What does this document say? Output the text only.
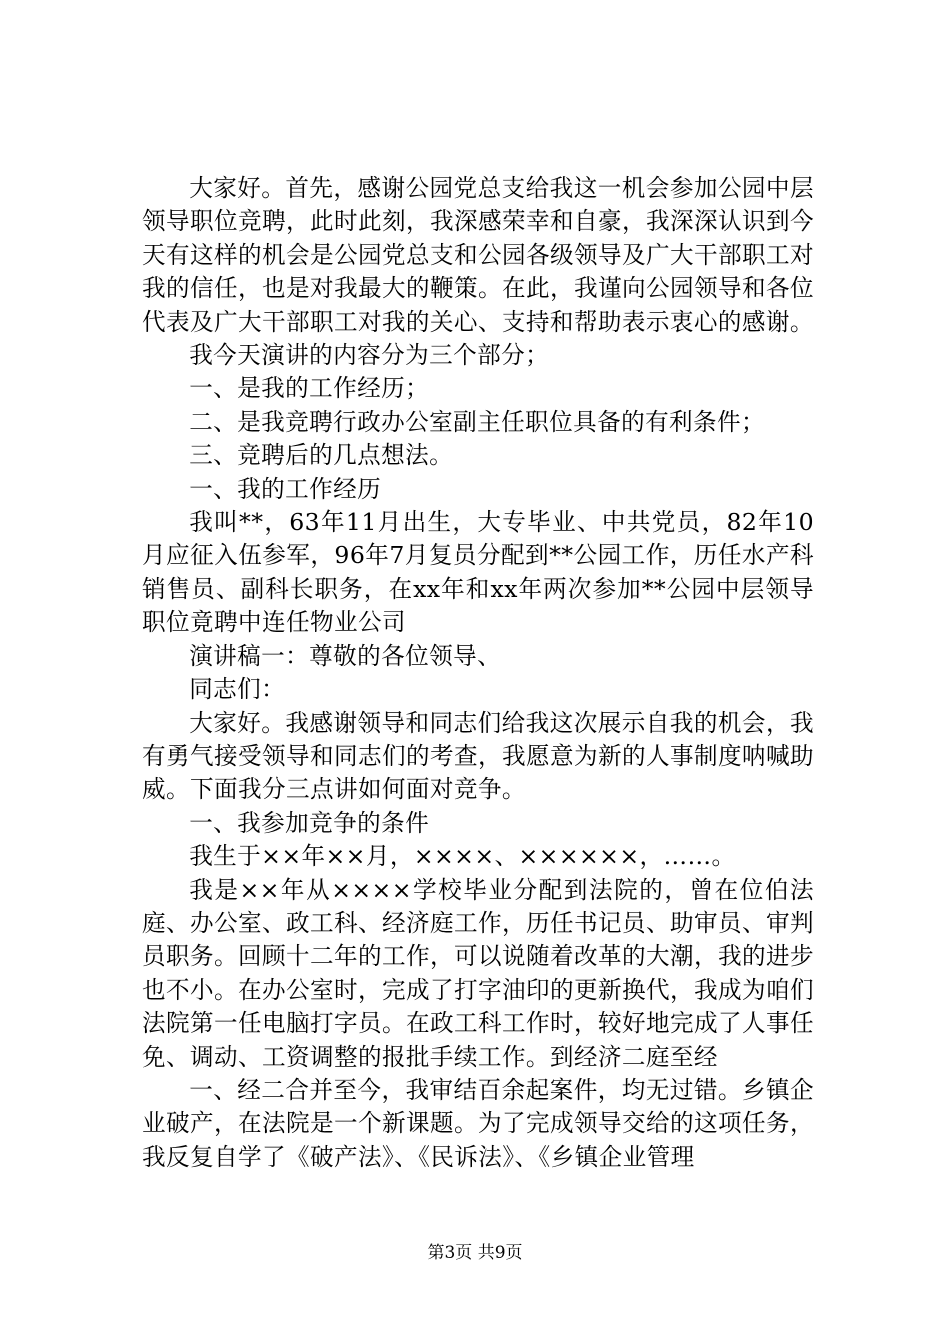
大家好。首先，感谢公园党总支给我这一机会参加公园中层领导职位竞聘，此时此刻，我深感荣幸和自豪，我深深认识到今天有这样的机会是公园党总支和公园各级领导及广大干部职工对我的信任，也是对我最大的鞭策。在此，我谨向公园领导和各位代表及广大干部职工对我的关心、支持和帮助表示衷心的感谢。

我今天演讲的内容分为三个部分；

一、是我的工作经历；

二、是我竞聘行政办公室副主任职位具备的有利条件；

三、竞聘后的几点想法。

一、我的工作经历

我叫**，63年11月出生，大专毕业、中共党员，82年10月应征入伍参军，96年7月复员分配到**公园工作，历任水产科销售员、副科长职务，在xx年和xx年两次参加**公园中层领导职位竟聘中连任物业公司

演讲稿一：尊敬的各位领导、

同志们：

大家好。我感谢领导和同志们给我这次展示自我的机会，我有勇气接受领导和同志们的考查，我愿意为新的人事制度呐喊助威。下面我分三点讲如何面对竞争。

一、我参加竞争的条件

我生于××年××月，××××、××××××，……。

我是××年从××××学校毕业分配到法院的，曾在位伯法庭、办公室、政工科、经济庭工作，历任书记员、助审员、审判员职务。回顾十二年的工作，可以说随着改革的大潮，我的进步也不小。在办公室时，完成了打字油印的更新换代，我成为咱们法院第一任电脑打字员。在政工科工作时，较好地完成了人事任免、调动、工资调整的报批手续工作。到经济二庭至经

一、经二合并至今，我审结百余起案件，均无过错。乡镇企业破产，在法院是一个新课题。为了完成领导交给的这项任务，我反复自学了《破产法》、《民诉法》、《乡镇企业管理

第3页 共9页
